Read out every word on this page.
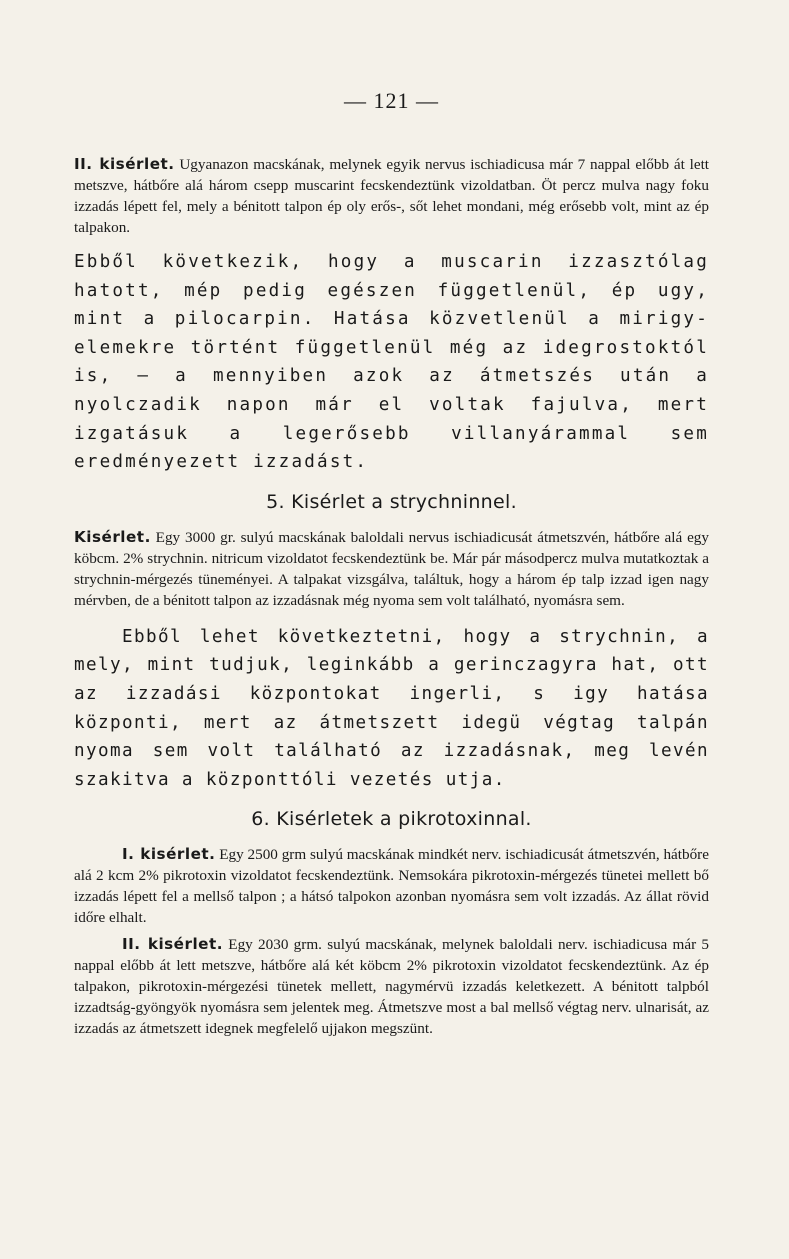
— 121 —

II. kisérlet. Ugyanazon macskának, melynek egyik nervus ischiadicusa már 7 nappal előbb át lett metszve, hátbőre alá három csepp muscarint fecskendeztünk vizoldatban. Öt percz mulva nagy foku izzadás lépett fel, mely a bénitott talpon ép oly erős-, sőt lehet mondani, még erősebb volt, mint az ép talpakon.

Ebből következik, hogy a muscarin izzasztólag hatott, mép pedig egészen függetlenül, ép ugy, mint a pilocarpin. Hatása közvetlenül a mirigy-elemekre történt függetlenül még az idegrostoktól is, — a mennyiben azok az átmetszés után a nyolczadik napon már el voltak fajulva, mert izgatásuk a legerősebb villanyárammal sem eredményezett izzadást.

5. Kisérlet a strychninnel.

Kisérlet. Egy 3000 gr. sulyú macskának baloldali nervus ischiadicusát átmetszvén, hátbőre alá egy köbcm. 2% strychnin. nitricum vizoldatot fecskendeztünk be. Már pár másodpercz mulva mutatkoztak a strychnin-mérgezés tüneményei. A talpakat vizsgálva, találtuk, hogy a három ép talp izzad igen nagy mérvben, de a bénitott talpon az izzadásnak még nyoma sem volt található, nyomásra sem.

Ebből lehet következtetni, hogy a strychnin, a mely, mint tudjuk, leginkább a gerinczagyra hat, ott az izzadási központokat ingerli, s igy hatása központi, mert az átmetszett idegü végtag talpán nyoma sem volt található az izzadásnak, meg levén szakitva a központtóli vezetés utja.

6. Kisérletek a pikrotoxinnal.

I. kisérlet. Egy 2500 grm sulyú macskának mindkét nerv. ischiadicusát átmetszvén, hátbőre alá 2 kcm 2% pikrotoxin vizoldatot fecskendeztünk. Nemsokára pikrotoxin-mérgezés tünetei mellett bő izzadás lépett fel a mellső talpon ; a hátsó talpokon azonban nyomásra sem volt izzadás. Az állat rövid időre elhalt.

II. kisérlet. Egy 2030 grm. sulyú macskának, melynek baloldali nerv. ischiadicusa már 5 nappal előbb át lett metszve, hátbőre alá két köbcm 2% pikrotoxin vizoldatot fecskendeztünk. Az ép talpakon, pikrotoxin-mérgezési tünetek mellett, nagymérvü izzadás keletkezett. A bénitott talpból izzadtság-gyöngyök nyomásra sem jelentek meg. Átmetszve most a bal mellső végtag nerv. ulnarisát, az izzadás az átmetszett idegnek megfelelő ujjakon megszünt.
